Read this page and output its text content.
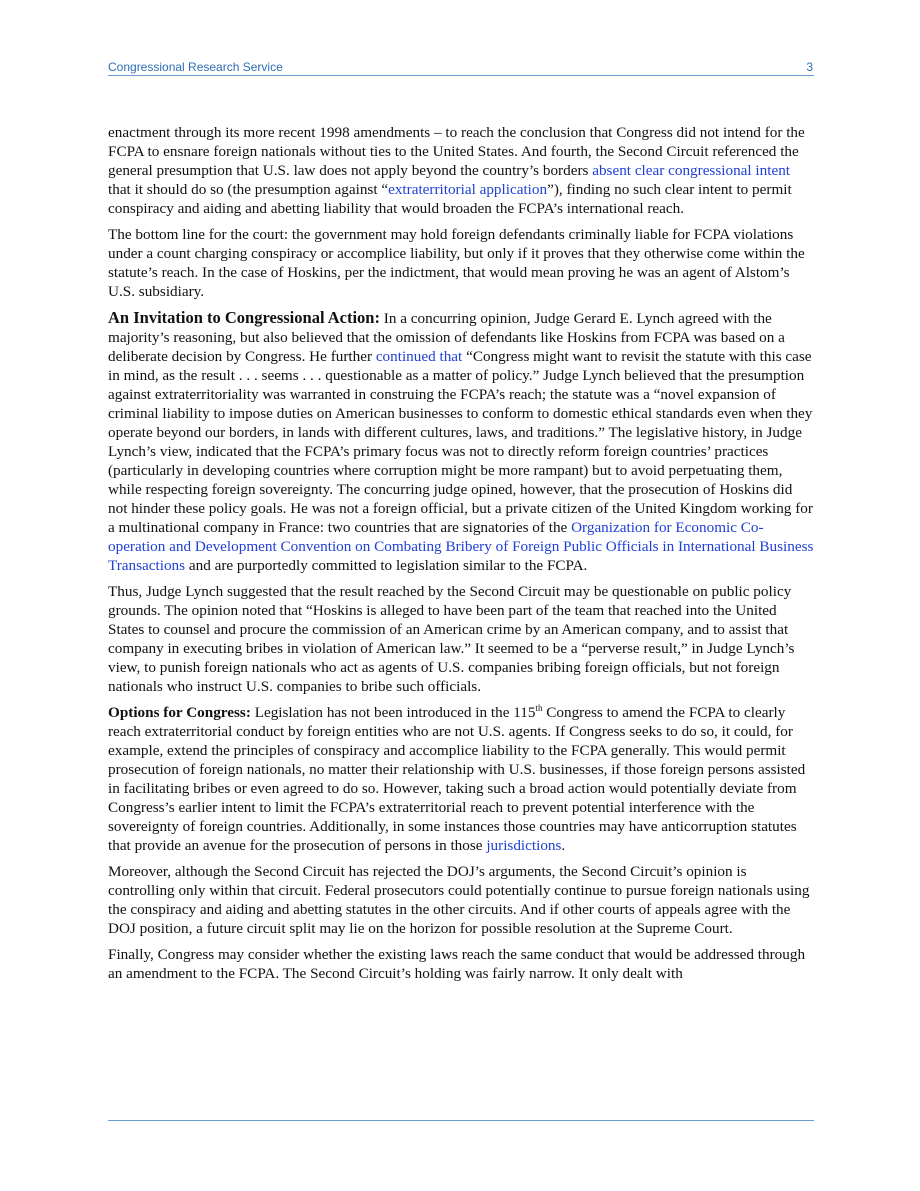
Congressional Research Service	3

enactment through its more recent 1998 amendments – to reach the conclusion that Congress did not intend for the FCPA to ensnare foreign nationals without ties to the United States. And fourth, the Second Circuit referenced the general presumption that U.S. law does not apply beyond the country’s borders absent clear congressional intent that it should do so (the presumption against “extraterritorial application”), finding no such clear intent to permit conspiracy and aiding and abetting liability that would broaden the FCPA’s international reach.

The bottom line for the court: the government may hold foreign defendants criminally liable for FCPA violations under a count charging conspiracy or accomplice liability, but only if it proves that they otherwise come within the statute’s reach. In the case of Hoskins, per the indictment, that would mean proving he was an agent of Alstom’s U.S. subsidiary.

An Invitation to Congressional Action: In a concurring opinion, Judge Gerard E. Lynch agreed with the majority’s reasoning, but also believed that the omission of defendants like Hoskins from FCPA was based on a deliberate decision by Congress. He further continued that “Congress might want to revisit the statute with this case in mind, as the result . . . seems . . . questionable as a matter of policy.” Judge Lynch believed that the presumption against extraterritoriality was warranted in construing the FCPA’s reach; the statute was a “novel expansion of criminal liability to impose duties on American businesses to conform to domestic ethical standards even when they operate beyond our borders, in lands with different cultures, laws, and traditions.” The legislative history, in Judge Lynch’s view, indicated that the FCPA’s primary focus was not to directly reform foreign countries’ practices (particularly in developing countries where corruption might be more rampant) but to avoid perpetuating them, while respecting foreign sovereignty. The concurring judge opined, however, that the prosecution of Hoskins did not hinder these policy goals. He was not a foreign official, but a private citizen of the United Kingdom working for a multinational company in France: two countries that are signatories of the Organization for Economic Co-operation and Development Convention on Combating Bribery of Foreign Public Officials in International Business Transactions and are purportedly committed to legislation similar to the FCPA.

Thus, Judge Lynch suggested that the result reached by the Second Circuit may be questionable on public policy grounds. The opinion noted that “Hoskins is alleged to have been part of the team that reached into the United States to counsel and procure the commission of an American crime by an American company, and to assist that company in executing bribes in violation of American law.” It seemed to be a “perverse result,” in Judge Lynch’s view, to punish foreign nationals who act as agents of U.S. companies bribing foreign officials, but not foreign nationals who instruct U.S. companies to bribe such officials.

Options for Congress: Legislation has not been introduced in the 115th Congress to amend the FCPA to clearly reach extraterritorial conduct by foreign entities who are not U.S. agents. If Congress seeks to do so, it could, for example, extend the principles of conspiracy and accomplice liability to the FCPA generally. This would permit prosecution of foreign nationals, no matter their relationship with U.S. businesses, if those foreign persons assisted in facilitating bribes or even agreed to do so. However, taking such a broad action would potentially deviate from Congress’s earlier intent to limit the FCPA’s extraterritorial reach to prevent potential interference with the sovereignty of foreign countries. Additionally, in some instances those countries may have anticorruption statutes that provide an avenue for the prosecution of persons in those jurisdictions.

Moreover, although the Second Circuit has rejected the DOJ’s arguments, the Second Circuit’s opinion is controlling only within that circuit. Federal prosecutors could potentially continue to pursue foreign nationals using the conspiracy and aiding and abetting statutes in the other circuits. And if other courts of appeals agree with the DOJ position, a future circuit split may lie on the horizon for possible resolution at the Supreme Court.

Finally, Congress may consider whether the existing laws reach the same conduct that would be addressed through an amendment to the FCPA. The Second Circuit’s holding was fairly narrow. It only dealt with
